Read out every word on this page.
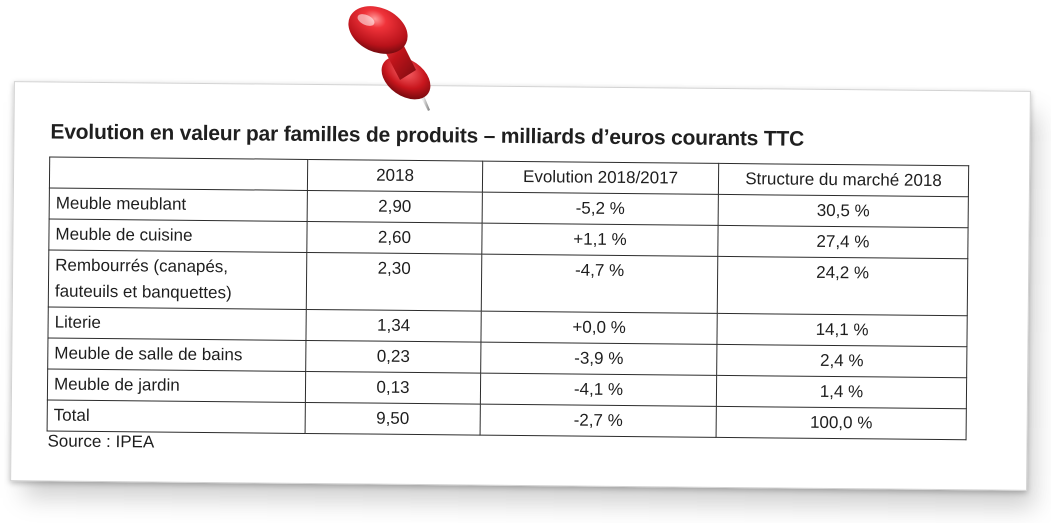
Evolution en valeur par familles de produits – milliards d’euros courants TTC
	2018	Evolution 2018/2017	Structure du marché 2018
Meuble meublant	2,90	-5,2 %	30,5 %
Meuble de cuisine	2,60	+1,1 %	27,4 %

Rembourrés (canapés,
fauteuils et banquettes)	2,30	-4,7 %	24,2 %
Literie	1,34	+0,0 %	14,1 %
Meuble de salle de bains	0,23	-3,9 %	2,4 %
Meuble de jardin	0,13	-4,1 %	1,4 %
Total	9,50	-2,7 %	100,0 %
Source : IPEA
